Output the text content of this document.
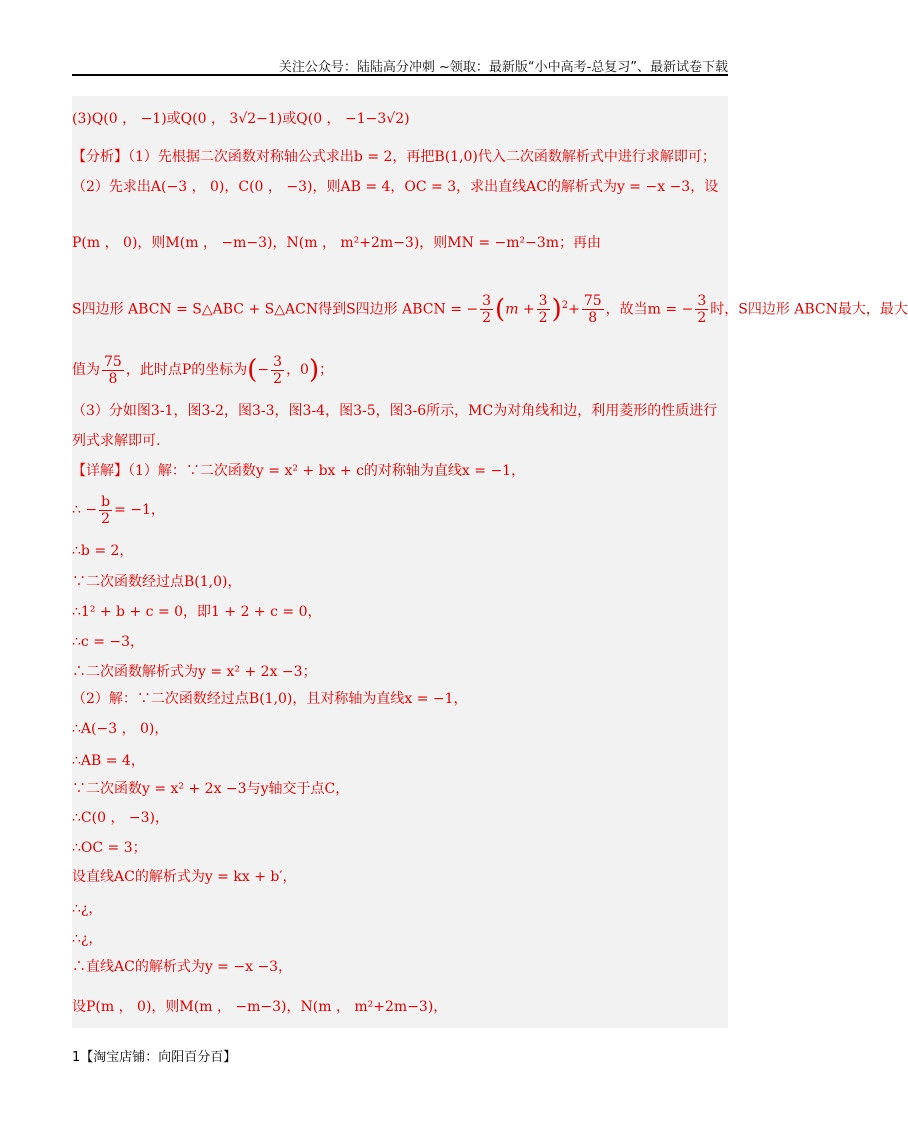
关注公众号：陆陆高分冲刺 ~领取：最新版“小中高考-总复习”、最新试卷下载
(3)Q(0 ， −1)或Q(0 ， 3√2−1)或Q(0 ， −1−3√2)
【分析】（1）先根据二次函数对称轴公式求出b = 2，再把B(1,0)代入二次函数解析式中进行求解即可；
（2）先求出A(−3 ， 0)，C(0 ， −3)，则AB = 4，OC = 3，求出直线AC的解析式为y = −x −3，设
P(m ， 0)，则M(m ， −m−3)，N(m ， m²+2m−3)，则MN = −m²−3m；再由
S四边形 ABCN = S△ABC + S△ACN得到S四边形 ABCN = − $\frac{3}{2} (m + \frac{3}{2} )^2+ \frac{75}{8}$ ，故当m = − $\frac{3}{2}$ 时，S四边形 ABCN最大，最大
值为 $\frac{75}{8}$ ，此时点P的坐标为(− $\frac{3}{2}$ ，0)；
（3）分如图3-1，图3-2，图3-3，图3-4，图3-5，图3-6所示，MC为对角线和边，利用菱形的性质进行
列式求解即可.
【详解】（1）解：∵二次函数y = x² + bx + c的对称轴为直线x = −1，
∴ − $\frac{b}{2} = -1$，
∴b = 2，
∵二次函数经过点B(1,0)，
∴1² + b + c = 0，即1 + 2 + c = 0，
∴c = −3，
∴二次函数解析式为y = x² + 2x −3；
（2）解：∵二次函数经过点B(1,0)，且对称轴为直线x = −1，
∴A(−3 ， 0)，
∴AB = 4，
∵二次函数y = x² + 2x −3与y轴交于点C，
∴C(0 ， −3)，
∴OC = 3；
设直线AC的解析式为y = kx + b′，
∴¿，
∴¿，
∴直线AC的解析式为y = −x −3，
设P(m ， 0)，则M(m ， −m−3)，N(m ， m²+2m−3)，
1【淘宝店铺：向阳百分百】
